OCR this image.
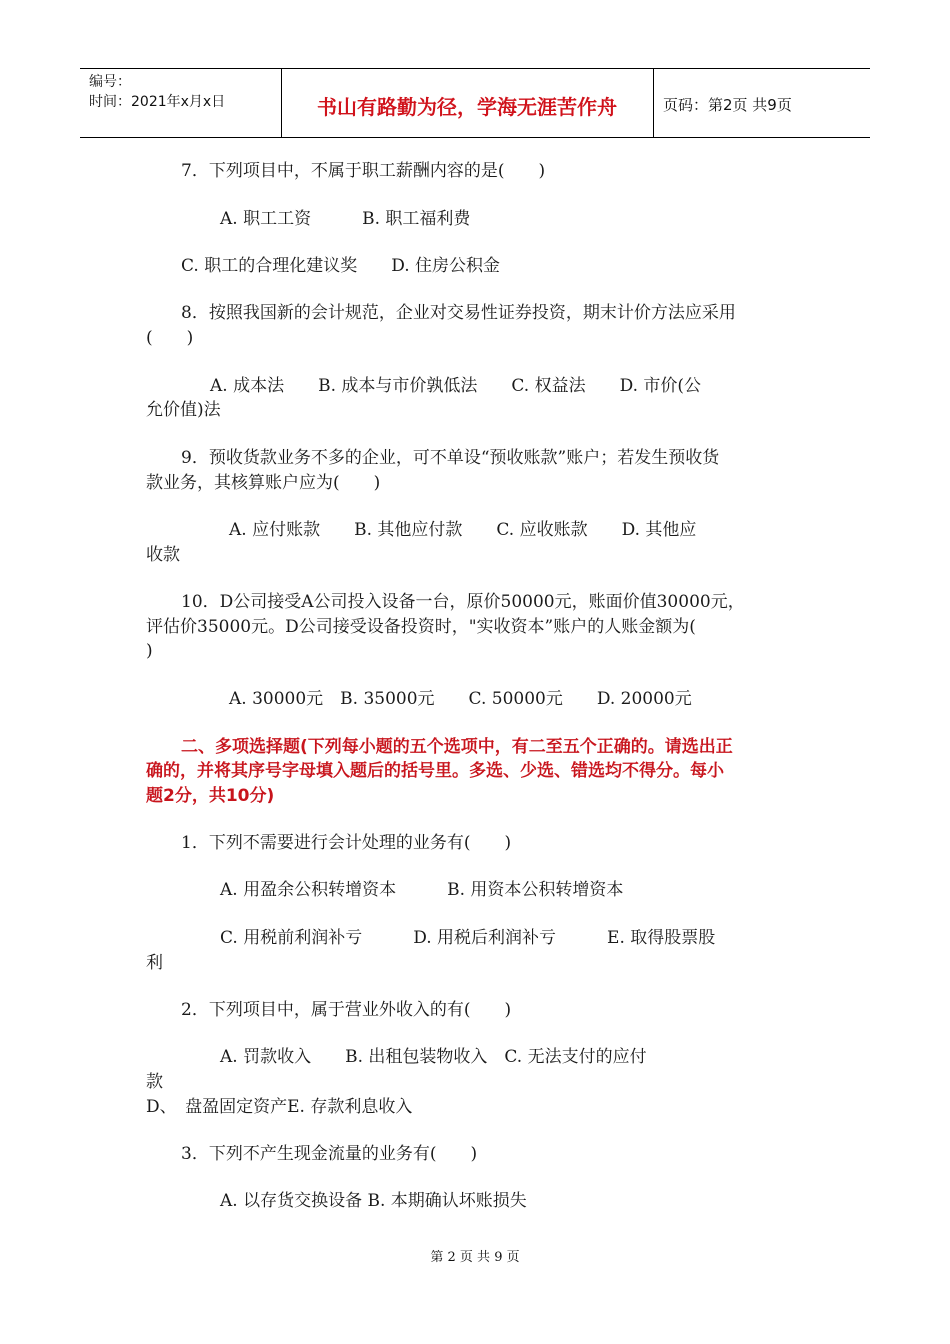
编号：
时间：2021年x月x日	书山有路勤为径，学海无涯苦作舟	页码：第2页 共9页
7．下列项目中，不属于职工薪酬内容的是(　　)
A. 职工工资　　　B. 职工福利费
C. 职工的合理化建议奖　　D. 住房公积金
8．按照我国新的会计规范，企业对交易性证券投资，期末计价方法应采用
(　　)
A. 成本法　　B. 成本与市价孰低法　　C. 权益法　　D. 市价(公
允价值)法
9．预收货款业务不多的企业，可不单设“预收账款”账户；若发生预收货
款业务，其核算账户应为(　　)
A. 应付账款　　B. 其他应付款　　C. 应收账款　　D. 其他应
收款
10．D公司接受A公司投入设备一台，原价50000元，账面价值30000元，
评估价35000元。D公司接受设备投资时，"实收资本”账户的人账金额为(
)
A. 30000元　B. 35000元　　C. 50000元　　D. 20000元
二、多项选择题(下列每小题的五个选项中，有二至五个正确的。请选出正
确的，并将其序号字母填入题后的括号里。多选、少选、错选均不得分。每小
题2分，共10分)
1．下列不需要进行会计处理的业务有(　　)
A. 用盈余公积转增资本　　　B. 用资本公积转增资本
C. 用税前利润补亏　　　D. 用税后利润补亏　　　E. 取得股票股
利
2．下列项目中，属于营业外收入的有(　　)
A. 罚款收入　　B. 出租包装物收入　C. 无法支付的应付
款
D、　盘盈固定资产E. 存款利息收入
3．下列不产生现金流量的业务有(　　)
A. 以存货交换设备 B. 本期确认坏账损失
第 2 页 共 9 页
